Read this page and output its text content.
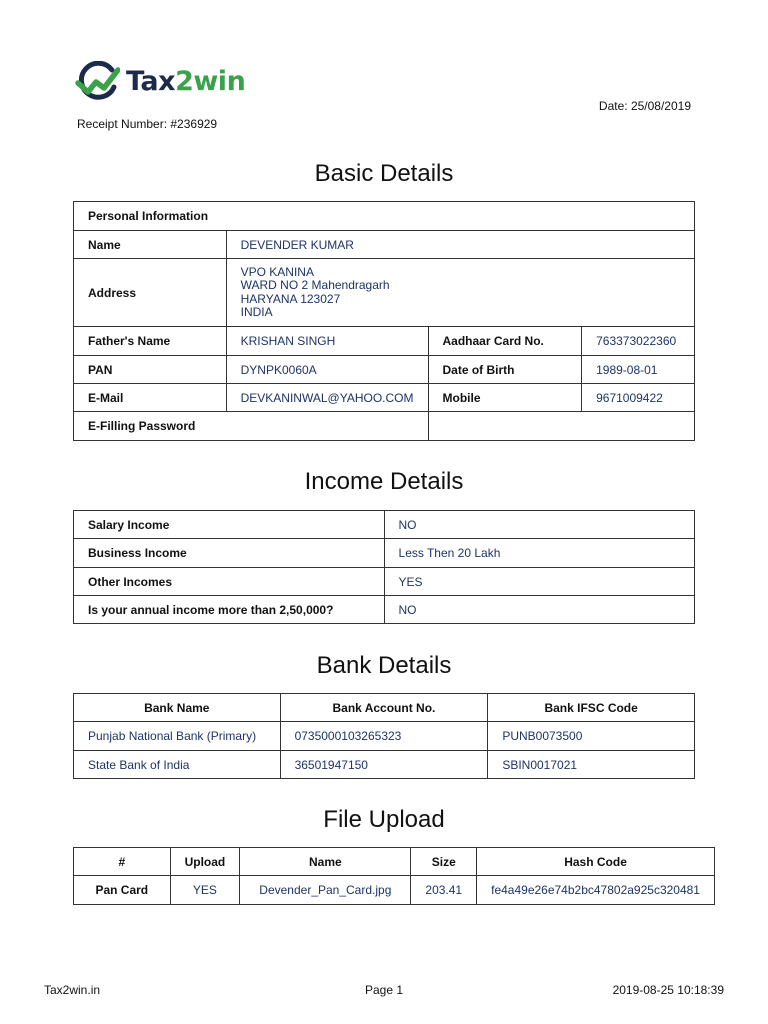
Tax2win
Date: 25/08/2019
Receipt Number: #236929
Basic Details
Personal Information			
Name	DEVENDER KUMAR		
Address	VPO KANINA
WARD NO 2 Mahendragarh
HARYANA 123027
INDIA		

Father's Name	KRISHAN SINGH	Aadhaar Card No.	763373022360
PAN	DYNPK0060A	Date of Birth	1989-08-01
E-Mail	DEVKANINWAL@YAHOO.COM	Mobile	9671009422
E-Filling Password			
Income Details
Salary Income	NO
Business Income	Less Then 20 Lakh
Other Incomes	YES
Is your annual income more than 2,50,000?	NO
Bank Details
Bank Name	Bank Account No.	Bank IFSC Code
Punjab National Bank (Primary)	0735000103265323	PUNB0073500
State Bank of India	36501947150	SBIN0017021
File Upload
#	Upload	Name	Size	Hash Code
Pan Card	YES	Devender_Pan_Card.jpg	203.41	fe4a49e26e74b2bc47802a925c320481
Tax2win.in	Page 1	2019-08-25 10:18:39
